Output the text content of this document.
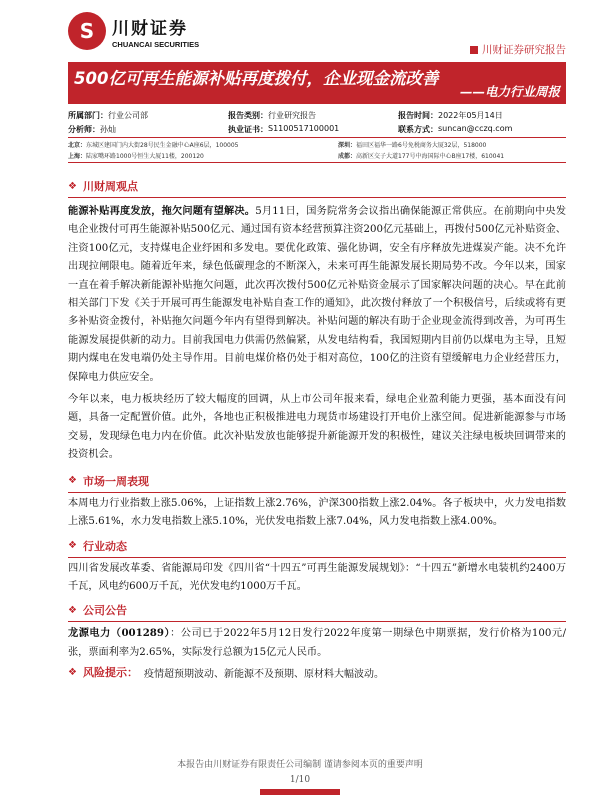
S 川财证券
CHUANCAI SECURITIES	川财证券研究报告
500亿可再生能源补贴再度拨付，企业现金流改善
——电力行业周报
所属部门： 行业公司部	报告类别： 行业研究报告	报告时间： 2022年05月14日
分析师： 孙灿	执业证书： S1100517100001	联系方式： suncan@cczq.com
北京：东城区建国门内大街28号民生金融中心A座6层，100005	深圳：福田区福华一路6号免税商务大厦32层，518000
上海：陆家嘴环路1000号恒生大厦11楼，200120	成都：高新区交子大道177号中海国际中心B座17楼，610041
❖ 川财周观点

能源补贴再度发放，拖欠问题有望解决。5月11日，国务院常务会议指出确保能源正常供应。在前期向中央发电企业拨付可再生能源补贴500亿元、通过国有资本经营预算注资200亿元基础上，再拨付500亿元补贴资金、注资100亿元，支持煤电企业纾困和多发电。要优化政策、强化协调，安全有序释放先进煤炭产能。决不允许出现拉闸限电。随着近年来，绿色低碳理念的不断深入，未来可再生能源发展长期局势不改。今年以来，国家一直在着手解决新能源补贴拖欠问题，此次再次拨付500亿元补贴资金展示了国家解决问题的决心。早在此前相关部门下发《关于开展可再生能源发电补贴自查工作的通知》，此次拨付释放了一个积极信号，后续或将有更多补贴资金拨付，补贴拖欠问题今年内有望得到解决。补贴问题的解决有助于企业现金流得到改善，为可再生能源发展提供新的动力。目前我国电力供需仍然偏紧，从发电结构看，我国短期内目前仍以煤电为主导，且短期内煤电在发电端仍处主导作用。目前电煤价格仍处于相对高位，100亿的注资有望缓解电力企业经营压力，保障电力供应安全。

今年以来，电力板块经历了较大幅度的回调，从上市公司年报来看，绿电企业盈利能力更强，基本面没有问题，具备一定配置价值。此外，各地也正积极推进电力现货市场建设打开电价上涨空间。促进新能源参与市场交易，发现绿色电力内在价值。此次补贴发放也能够提升新能源开发的积极性，建议关注绿电板块回调带来的投资机会。

❖ 市场一周表现

本周电力行业指数上涨5.06%，上证指数上涨2.76%，沪深300指数上涨2.04%。各子板块中，火力发电指数上涨5.61%，水力发电指数上涨5.10%，光伏发电指数上涨7.04%，风力发电指数上涨4.00%。

❖ 行业动态

四川省发展改革委、省能源局印发《四川省“十四五”可再生能源发展规划》：“十四五”新增水电装机约2400万千瓦，风电约600万千瓦，光伏发电约1000万千瓦。

❖ 公司公告

龙源电力（001289）：公司已于2022年5月12日发行2022年度第一期绿色中期票据，发行价格为100元/张，票面利率为2.65%，实际发行总额为15亿元人民币。

❖ 风险提示： 疫情超预期波动、新能源不及预期、原材料大幅波动。
本报告由川财证券有限责任公司编制 谨请参阅本页的重要声明
1/10
